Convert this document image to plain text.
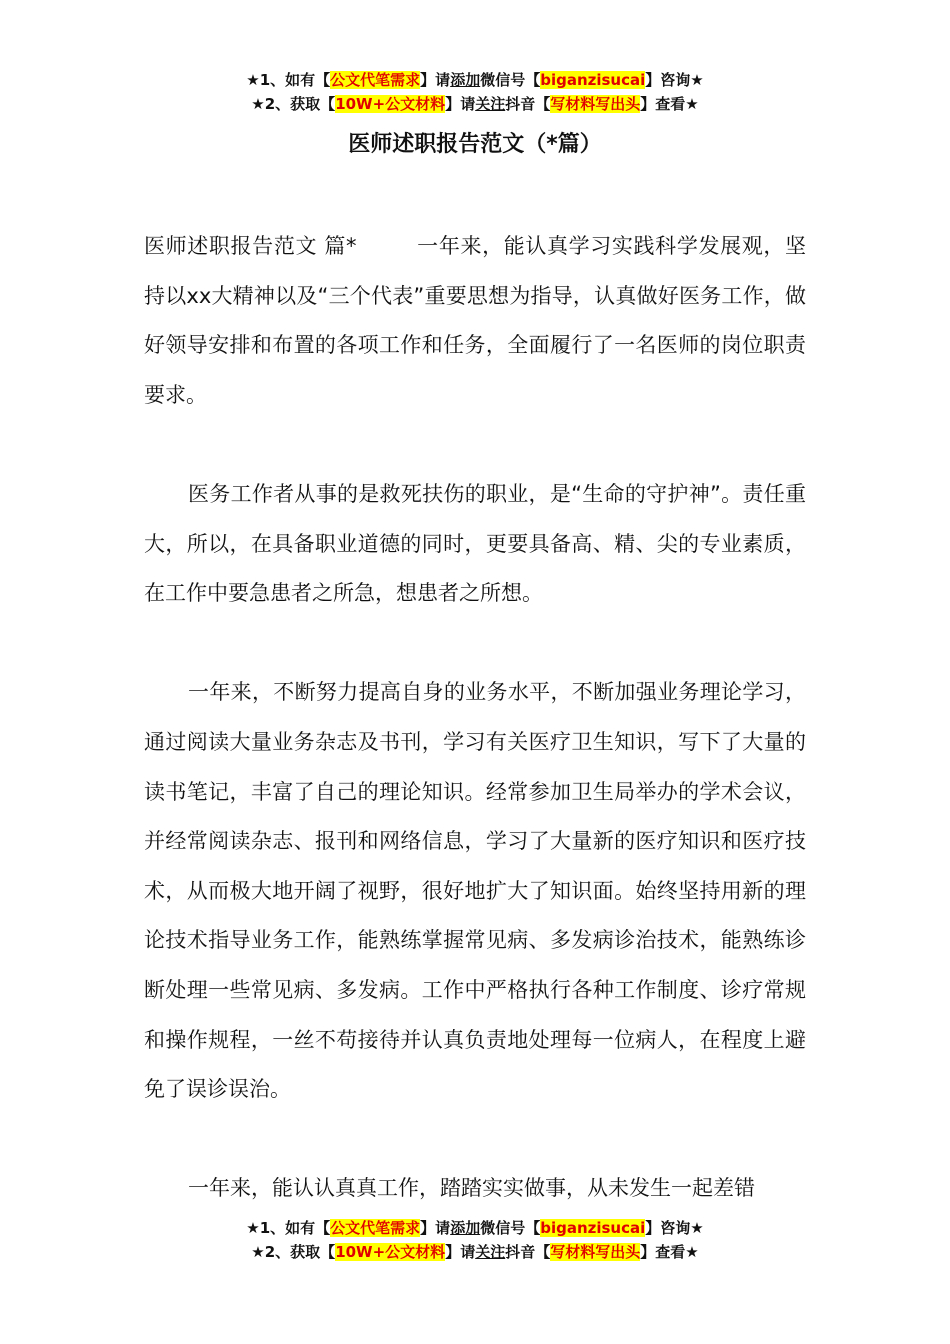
★1、如有【公文代笔需求】请添加微信号【biganzisucai】咨询★
★2、获取【10W+公文材料】请关注抖音【写材料写出头】查看★
医师述职报告范文（*篇）

医师述职报告范文 篇*	一年来，能认真学习实践科学发展观，坚持以xx大精神以及“三个代表”重要思想为指导，认真做好医务工作，做好领导安排和布置的各项工作和任务，全面履行了一名医师的岗位职责要求。

医务工作者从事的是救死扶伤的职业，是“生命的守护神”。责任重大，所以，在具备职业道德的同时，更要具备高、精、尖的专业素质，在工作中要急患者之所急，想患者之所想。

一年来，不断努力提高自身的业务水平，不断加强业务理论学习，通过阅读大量业务杂志及书刊，学习有关医疗卫生知识，写下了大量的读书笔记，丰富了自己的理论知识。经常参加卫生局举办的学术会议，并经常阅读杂志、报刊和网络信息，学习了大量新的医疗知识和医疗技术，从而极大地开阔了视野，很好地扩大了知识面。始终坚持用新的理论技术指导业务工作，能熟练掌握常见病、多发病诊治技术，能熟练诊断处理一些常见病、多发病。工作中严格执行各种工作制度、诊疗常规和操作规程，一丝不苟接待并认真负责地处理每一位病人，在程度上避免了误诊误治。

一年来，能认认真真工作，踏踏实实做事，从未发生一起差错

★1、如有【公文代笔需求】请添加微信号【biganzisucai】咨询★
★2、获取【10W+公文材料】请关注抖音【写材料写出头】查看★
